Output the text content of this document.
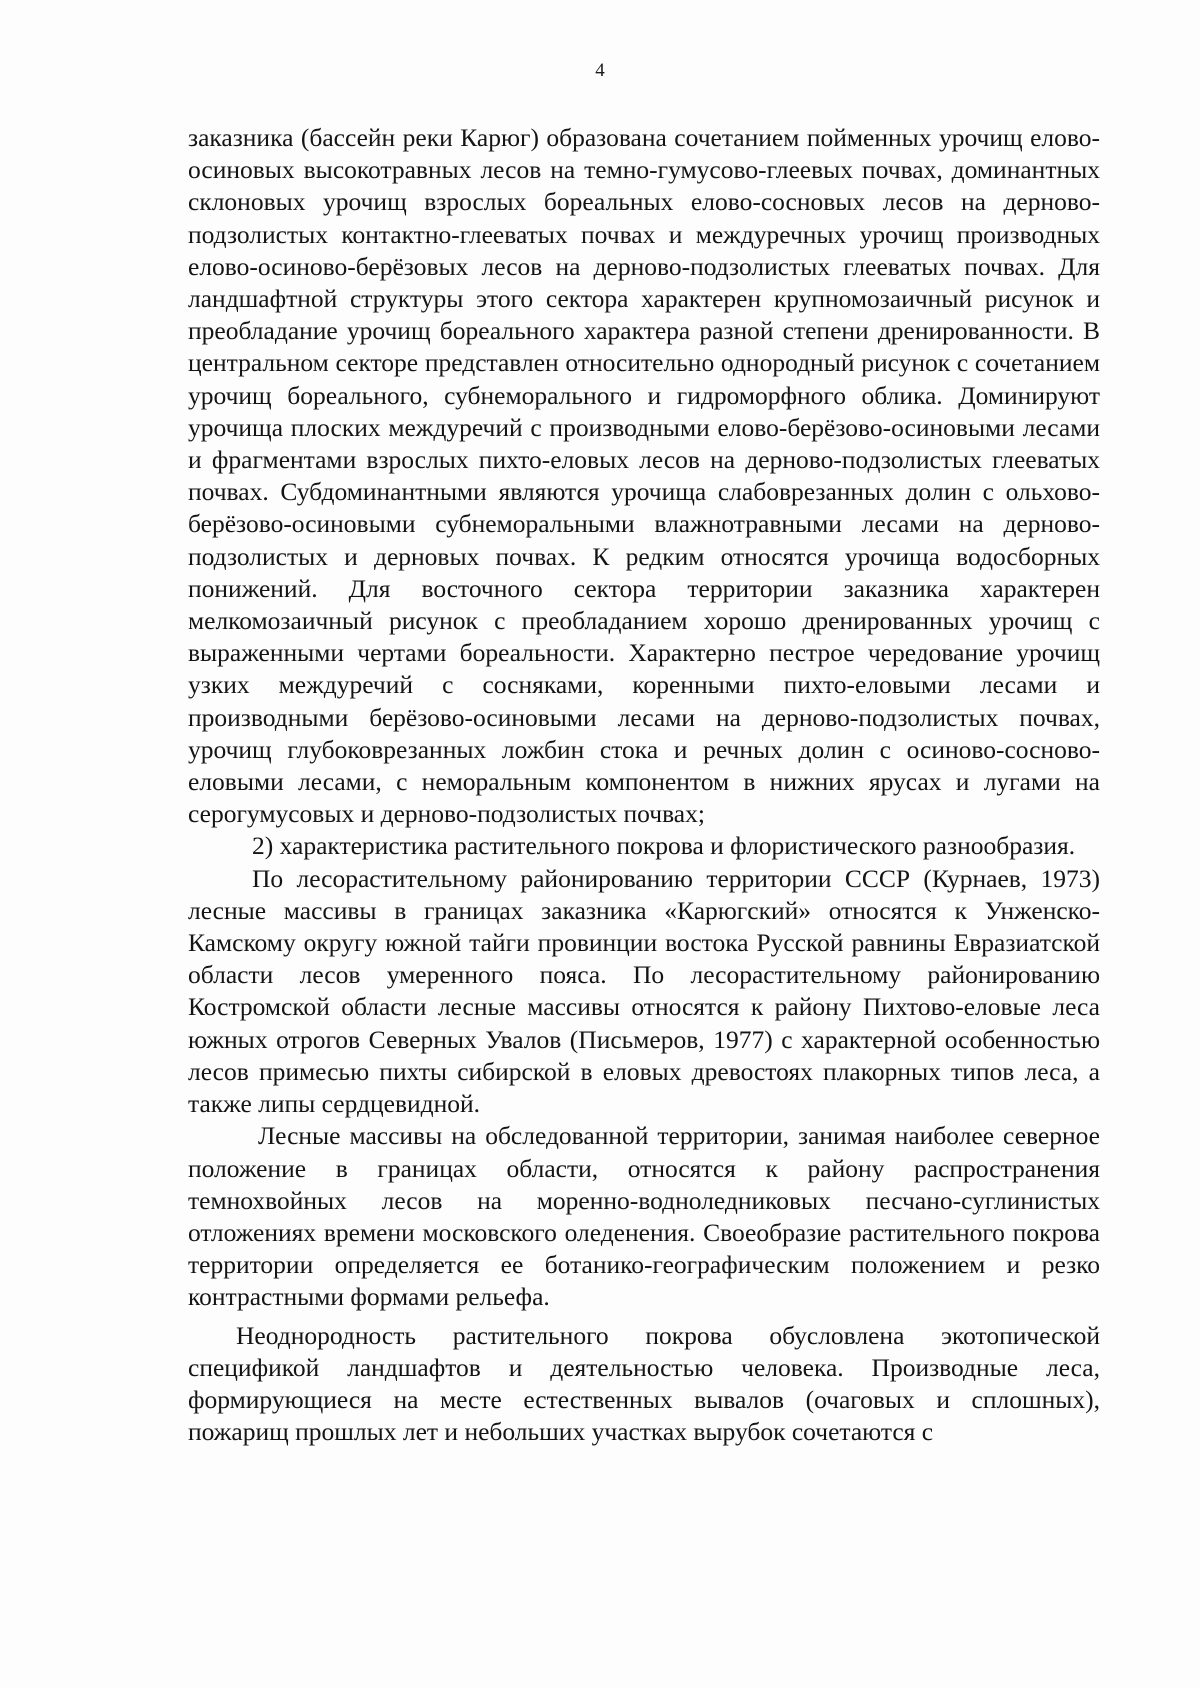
4

заказника (бассейн реки Карюг) образована сочетанием пойменных урочищ елово-осиновых высокотравных лесов на темно-гумусово-глеевых почвах, доминантных склоновых урочищ взрослых бореальных елово-сосновых лесов на дерново-подзолистых контактно-глееватых почвах и междуречных урочищ производных елово-осиново-берёзовых лесов на дерново-подзолистых глееватых почвах. Для ландшафтной структуры этого сектора характерен крупномозаичный рисунок и преобладание урочищ бореального характера разной степени дренированности. В центральном секторе представлен относительно однородный рисунок с сочетанием урочищ бореального, субнеморального и гидроморфного облика. Доминируют урочища плоских междуречий с производными елово-берёзово-осиновыми лесами и фрагментами взрослых пихто-еловых лесов на дерново-подзолистых глееватых почвах. Субдоминантными являются урочища слабоврезанных долин с ольхово-берёзово-осиновыми субнеморальными влажнотравными лесами на дерново-подзолистых и дерновых почвах. К редким относятся урочища водосборных понижений. Для восточного сектора территории заказника характерен мелкомозаичный рисунок с преобладанием хорошо дренированных урочищ с выраженными чертами бореальности. Характерно пестрое чередование урочищ узких междуречий с сосняками, коренными пихто-еловыми лесами и производными берёзово-осиновыми лесами на дерново-подзолистых почвах, урочищ глубоковрезанных ложбин стока и речных долин с осиново-сосново-еловыми лесами, с неморальным компонентом в нижних ярусах и лугами на серогумусовых и дерново-подзолистых почвах;

2) характеристика растительного покрова и флористического разнообразия.

По лесорастительному районированию территории СССР (Курнаев, 1973) лесные массивы в границах заказника «Карюгский» относятся к Унженско-Камскому округу южной тайги провинции востока Русской равнины Евразиатской области лесов умеренного пояса. По лесорастительному районированию Костромской области лесные массивы относятся к району Пихтово-еловые леса южных отрогов Северных Увалов (Письмеров, 1977) с характерной особенностью лесов примесью пихты сибирской в еловых древостоях плакорных типов леса, а также липы сердцевидной.

Лесные массивы на обследованной территории, занимая наиболее северное положение в границах области, относятся к району распространения темнохвойных лесов на моренно-водноледниковых песчано-суглинистых отложениях времени московского оледенения. Своеобразие растительного покрова территории определяется ее ботанико-географическим положением и резко контрастными формами рельефа.

Неоднородность растительного покрова обусловлена экотопической спецификой ландшафтов и деятельностью человека. Производные леса, формирующиеся на месте естественных вывалов (очаговых и сплошных), пожарищ прошлых лет и небольших участках вырубок сочетаются с
